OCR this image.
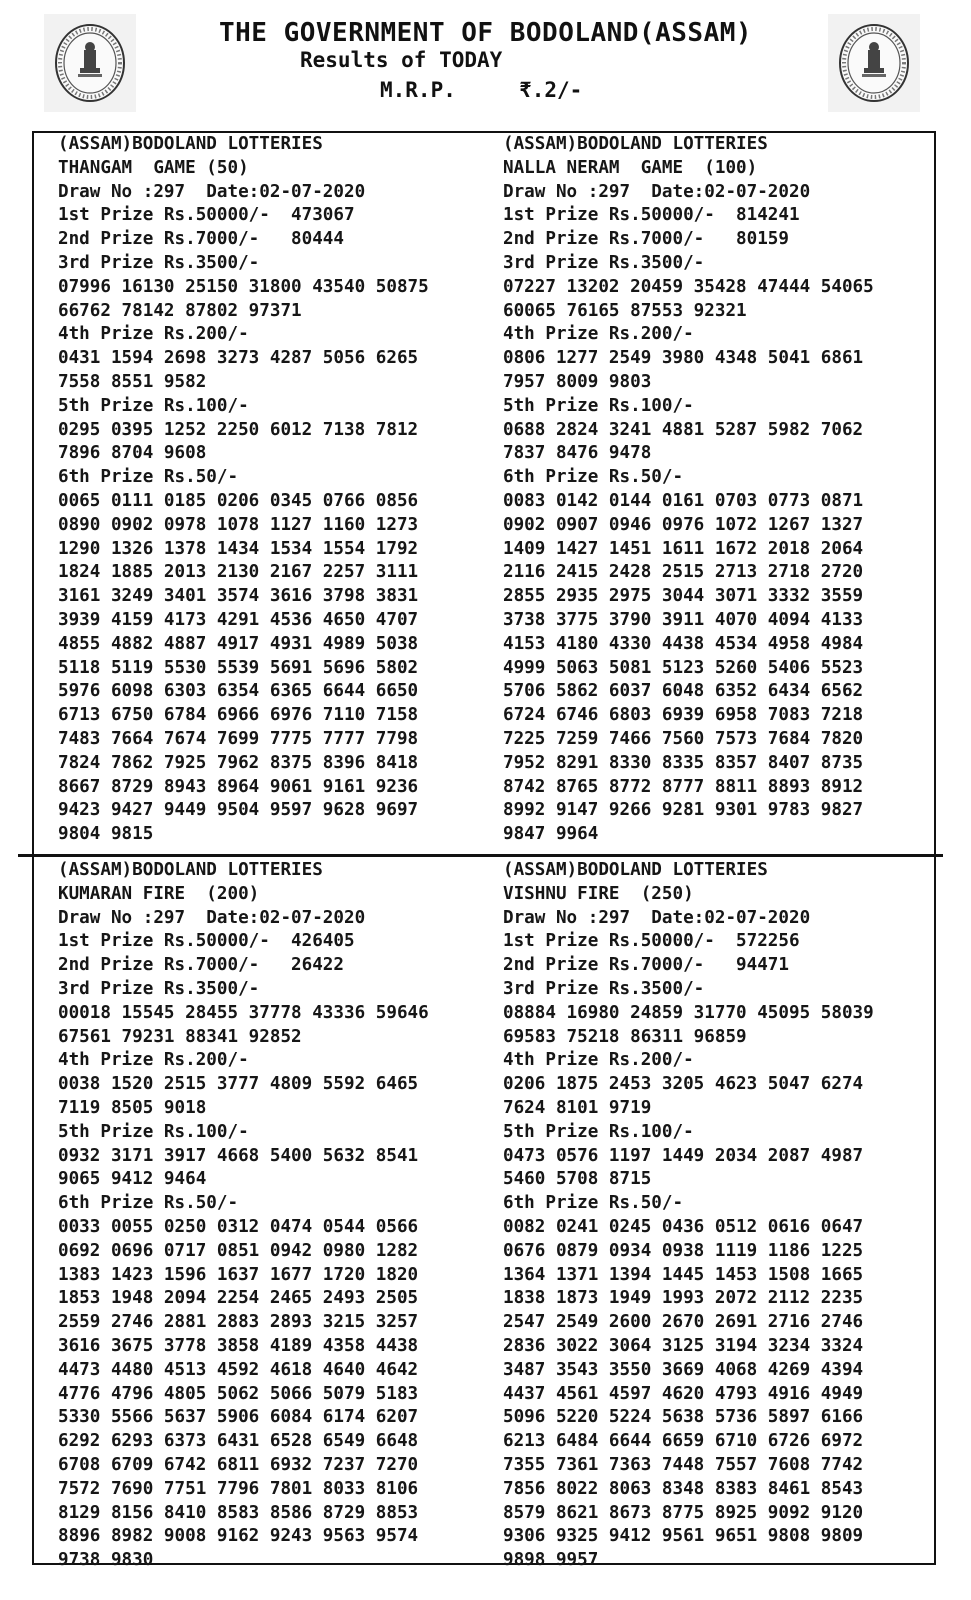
THE GOVERNMENT OF BODOLAND(ASSAM)
Results of TODAY
M.R.P.	₹.2/-
(ASSAM)BODOLAND LOTTERIES
THANGAM  GAME (50)
Draw No :297  Date:02-07-2020
1st Prize Rs.50000/-  473067
2nd Prize Rs.7000/-   80444
3rd Prize Rs.3500/-
07996 16130 25150 31800 43540 50875
66762 78142 87802 97371
4th Prize Rs.200/-
0431 1594 2698 3273 4287 5056 6265
7558 8551 9582
5th Prize Rs.100/-
0295 0395 1252 2250 6012 7138 7812
7896 8704 9608
6th Prize Rs.50/-
0065 0111 0185 0206 0345 0766 0856
0890 0902 0978 1078 1127 1160 1273
1290 1326 1378 1434 1534 1554 1792
1824 1885 2013 2130 2167 2257 3111
3161 3249 3401 3574 3616 3798 3831
3939 4159 4173 4291 4536 4650 4707
4855 4882 4887 4917 4931 4989 5038
5118 5119 5530 5539 5691 5696 5802
5976 6098 6303 6354 6365 6644 6650
6713 6750 6784 6966 6976 7110 7158
7483 7664 7674 7699 7775 7777 7798
7824 7862 7925 7962 8375 8396 8418
8667 8729 8943 8964 9061 9161 9236
9423 9427 9449 9504 9597 9628 9697
9804 9815
(ASSAM)BODOLAND LOTTERIES
NALLA NERAM  GAME  (100)
Draw No :297  Date:02-07-2020
1st Prize Rs.50000/-  814241
2nd Prize Rs.7000/-   80159
3rd Prize Rs.3500/-
07227 13202 20459 35428 47444 54065
60065 76165 87553 92321
4th Prize Rs.200/-
0806 1277 2549 3980 4348 5041 6861
7957 8009 9803
5th Prize Rs.100/-
0688 2824 3241 4881 5287 5982 7062
7837 8476 9478
6th Prize Rs.50/-
0083 0142 0144 0161 0703 0773 0871
0902 0907 0946 0976 1072 1267 1327
1409 1427 1451 1611 1672 2018 2064
2116 2415 2428 2515 2713 2718 2720
2855 2935 2975 3044 3071 3332 3559
3738 3775 3790 3911 4070 4094 4133
4153 4180 4330 4438 4534 4958 4984
4999 5063 5081 5123 5260 5406 5523
5706 5862 6037 6048 6352 6434 6562
6724 6746 6803 6939 6958 7083 7218
7225 7259 7466 7560 7573 7684 7820
7952 8291 8330 8335 8357 8407 8735
8742 8765 8772 8777 8811 8893 8912
8992 9147 9266 9281 9301 9783 9827
9847 9964
(ASSAM)BODOLAND LOTTERIES
KUMARAN FIRE  (200)
Draw No :297  Date:02-07-2020
1st Prize Rs.50000/-  426405
2nd Prize Rs.7000/-   26422
3rd Prize Rs.3500/-
00018 15545 28455 37778 43336 59646
67561 79231 88341 92852
4th Prize Rs.200/-
0038 1520 2515 3777 4809 5592 6465
7119 8505 9018
5th Prize Rs.100/-
0932 3171 3917 4668 5400 5632 8541
9065 9412 9464
6th Prize Rs.50/-
0033 0055 0250 0312 0474 0544 0566
0692 0696 0717 0851 0942 0980 1282
1383 1423 1596 1637 1677 1720 1820
1853 1948 2094 2254 2465 2493 2505
2559 2746 2881 2883 2893 3215 3257
3616 3675 3778 3858 4189 4358 4438
4473 4480 4513 4592 4618 4640 4642
4776 4796 4805 5062 5066 5079 5183
5330 5566 5637 5906 6084 6174 6207
6292 6293 6373 6431 6528 6549 6648
6708 6709 6742 6811 6932 7237 7270
7572 7690 7751 7796 7801 8033 8106
8129 8156 8410 8583 8586 8729 8853
8896 8982 9008 9162 9243 9563 9574
9738 9830
(ASSAM)BODOLAND LOTTERIES
VISHNU FIRE  (250)
Draw No :297  Date:02-07-2020
1st Prize Rs.50000/-  572256
2nd Prize Rs.7000/-   94471
3rd Prize Rs.3500/-
08884 16980 24859 31770 45095 58039
69583 75218 86311 96859
4th Prize Rs.200/-
0206 1875 2453 3205 4623 5047 6274
7624 8101 9719
5th Prize Rs.100/-
0473 0576 1197 1449 2034 2087 4987
5460 5708 8715
6th Prize Rs.50/-
0082 0241 0245 0436 0512 0616 0647
0676 0879 0934 0938 1119 1186 1225
1364 1371 1394 1445 1453 1508 1665
1838 1873 1949 1993 2072 2112 2235
2547 2549 2600 2670 2691 2716 2746
2836 3022 3064 3125 3194 3234 3324
3487 3543 3550 3669 4068 4269 4394
4437 4561 4597 4620 4793 4916 4949
5096 5220 5224 5638 5736 5897 6166
6213 6484 6644 6659 6710 6726 6972
7355 7361 7363 7448 7557 7608 7742
7856 8022 8063 8348 8383 8461 8543
8579 8621 8673 8775 8925 9092 9120
9306 9325 9412 9561 9651 9808 9809
9898 9957
